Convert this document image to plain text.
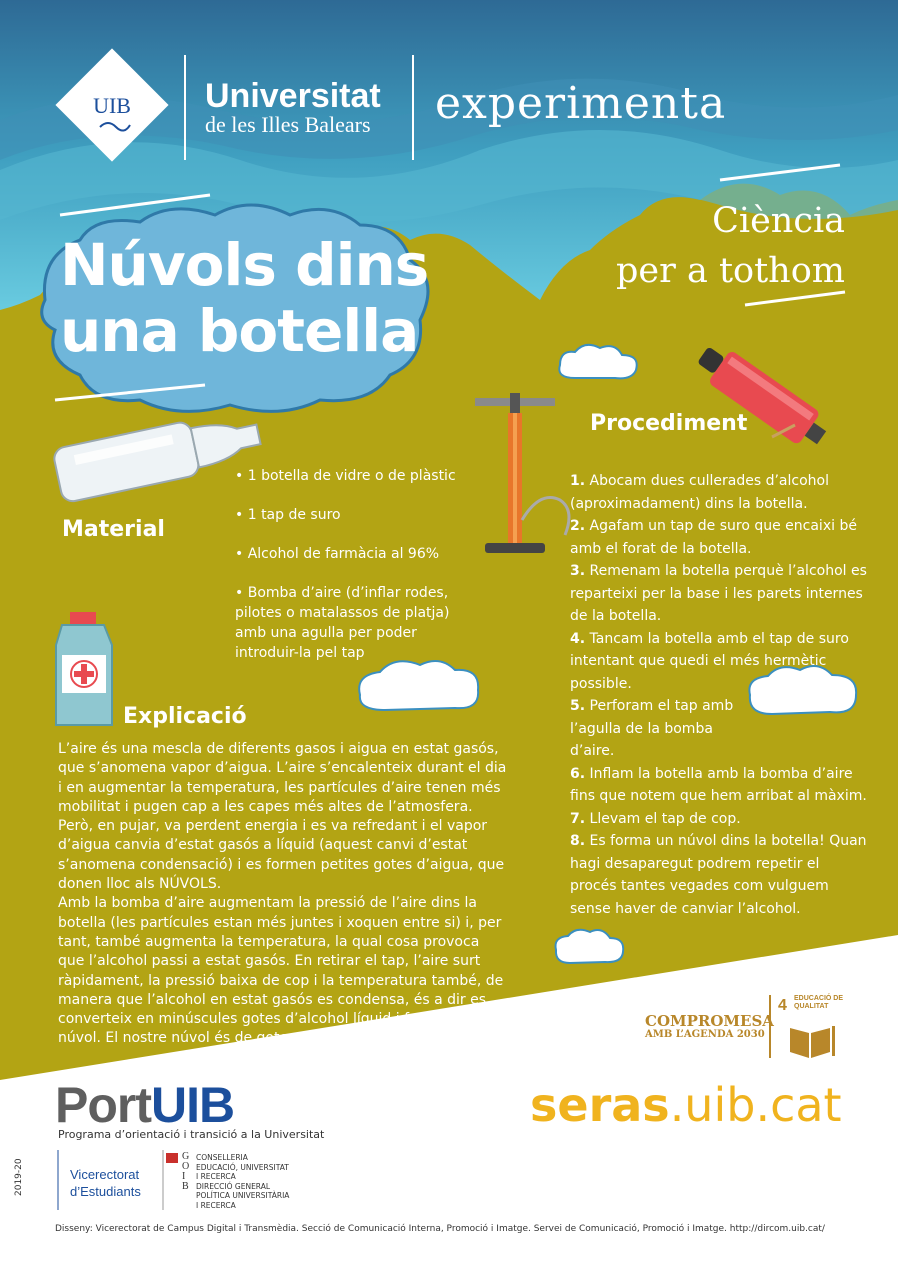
UIB Universitat
de les Illes Balears experimenta
Ciència
per a tothom
Núvols dins
una botella
Material
• 1 botella de vidre o de plàstic
• 1 tap de suro
• Alcohol de farmàcia al 96%
• Bomba d’aire (d’inflar rodes, pilotes o matalassos de platja) amb una agulla per poder introduir-la pel tap
Procediment
1. Abocam dues cullerades d’alcohol (aproximadament) dins la botella.
2. Agafam un tap de suro que encaixi bé amb el forat de la botella.
3. Remenam la botella perquè l’alcohol es reparteixi per la base i les parets internes de la botella.
4. Tancam la botella amb el tap de suro intentant que quedi el més hermètic possible.
5. Perforam el tap amb l’agulla de la bomba d’aire.
6. Inflam la botella amb la bomba d’aire fins que notem que hem arribat al màxim.
7. Llevam el tap de cop.
8. Es forma un núvol dins la botella! Quan hagi desaparegut podrem repetir el procés tantes vegades com vulguem sense haver de canviar l’alcohol.
Explicació
L’aire és una mescla de diferents gasos i aigua en estat gasós, que s’anomena vapor d’aigua. L’aire s’encalenteix durant el dia i en augmentar la temperatura, les partícules d’aire tenen més mobilitat i pugen cap a les capes més altes de l’atmosfera. Però, en pujar, va perdent energia i es va refredant i el vapor d’aigua canvia d’estat gasós a líquid (aquest canvi d’estat s’anomena condensació) i es formen petites gotes d’aigua, que donen lloc als NÚVOLS.
Amb la bomba d’aire augmentam la pressió de l’aire dins la botella (les partícules estan més juntes i xoquen entre si) i, per tant, també augmenta la temperatura, la qual cosa provoca que l’alcohol passi a estat gasós. En retirar el tap, l’aire surt ràpidament, la pressió baixa de cop i la temperatura també, de manera que l’alcohol en estat gasós es condensa, és a dir es converteix en minúscules gotes d’alcohol líquid i forma el núvol. El nostre núvol és de gotes d’alcohol líquid!!
COMPROMESA
AMB L’AGENDA 2030
4 EDUCACIÓ DE QUALITAT
PortUIB
Programa d’orientació i transició a la Universitat
Vicerectorat
d’Estudiants
G
O
I
B
CONSELLERIA
EDUCACIÓ, UNIVERSITAT
I RECERCA
DIRECCIÓ GENERAL
POLÍTICA UNIVERSITÀRIA
I RECERCA
seras.uib.cat
2019-20
Disseny: Vicerectorat de Campus Digital i Transmèdia. Secció de Comunicació Interna, Promoció i Imatge. Servei de Comunicació, Promoció i Imatge. http://dircom.uib.cat/
